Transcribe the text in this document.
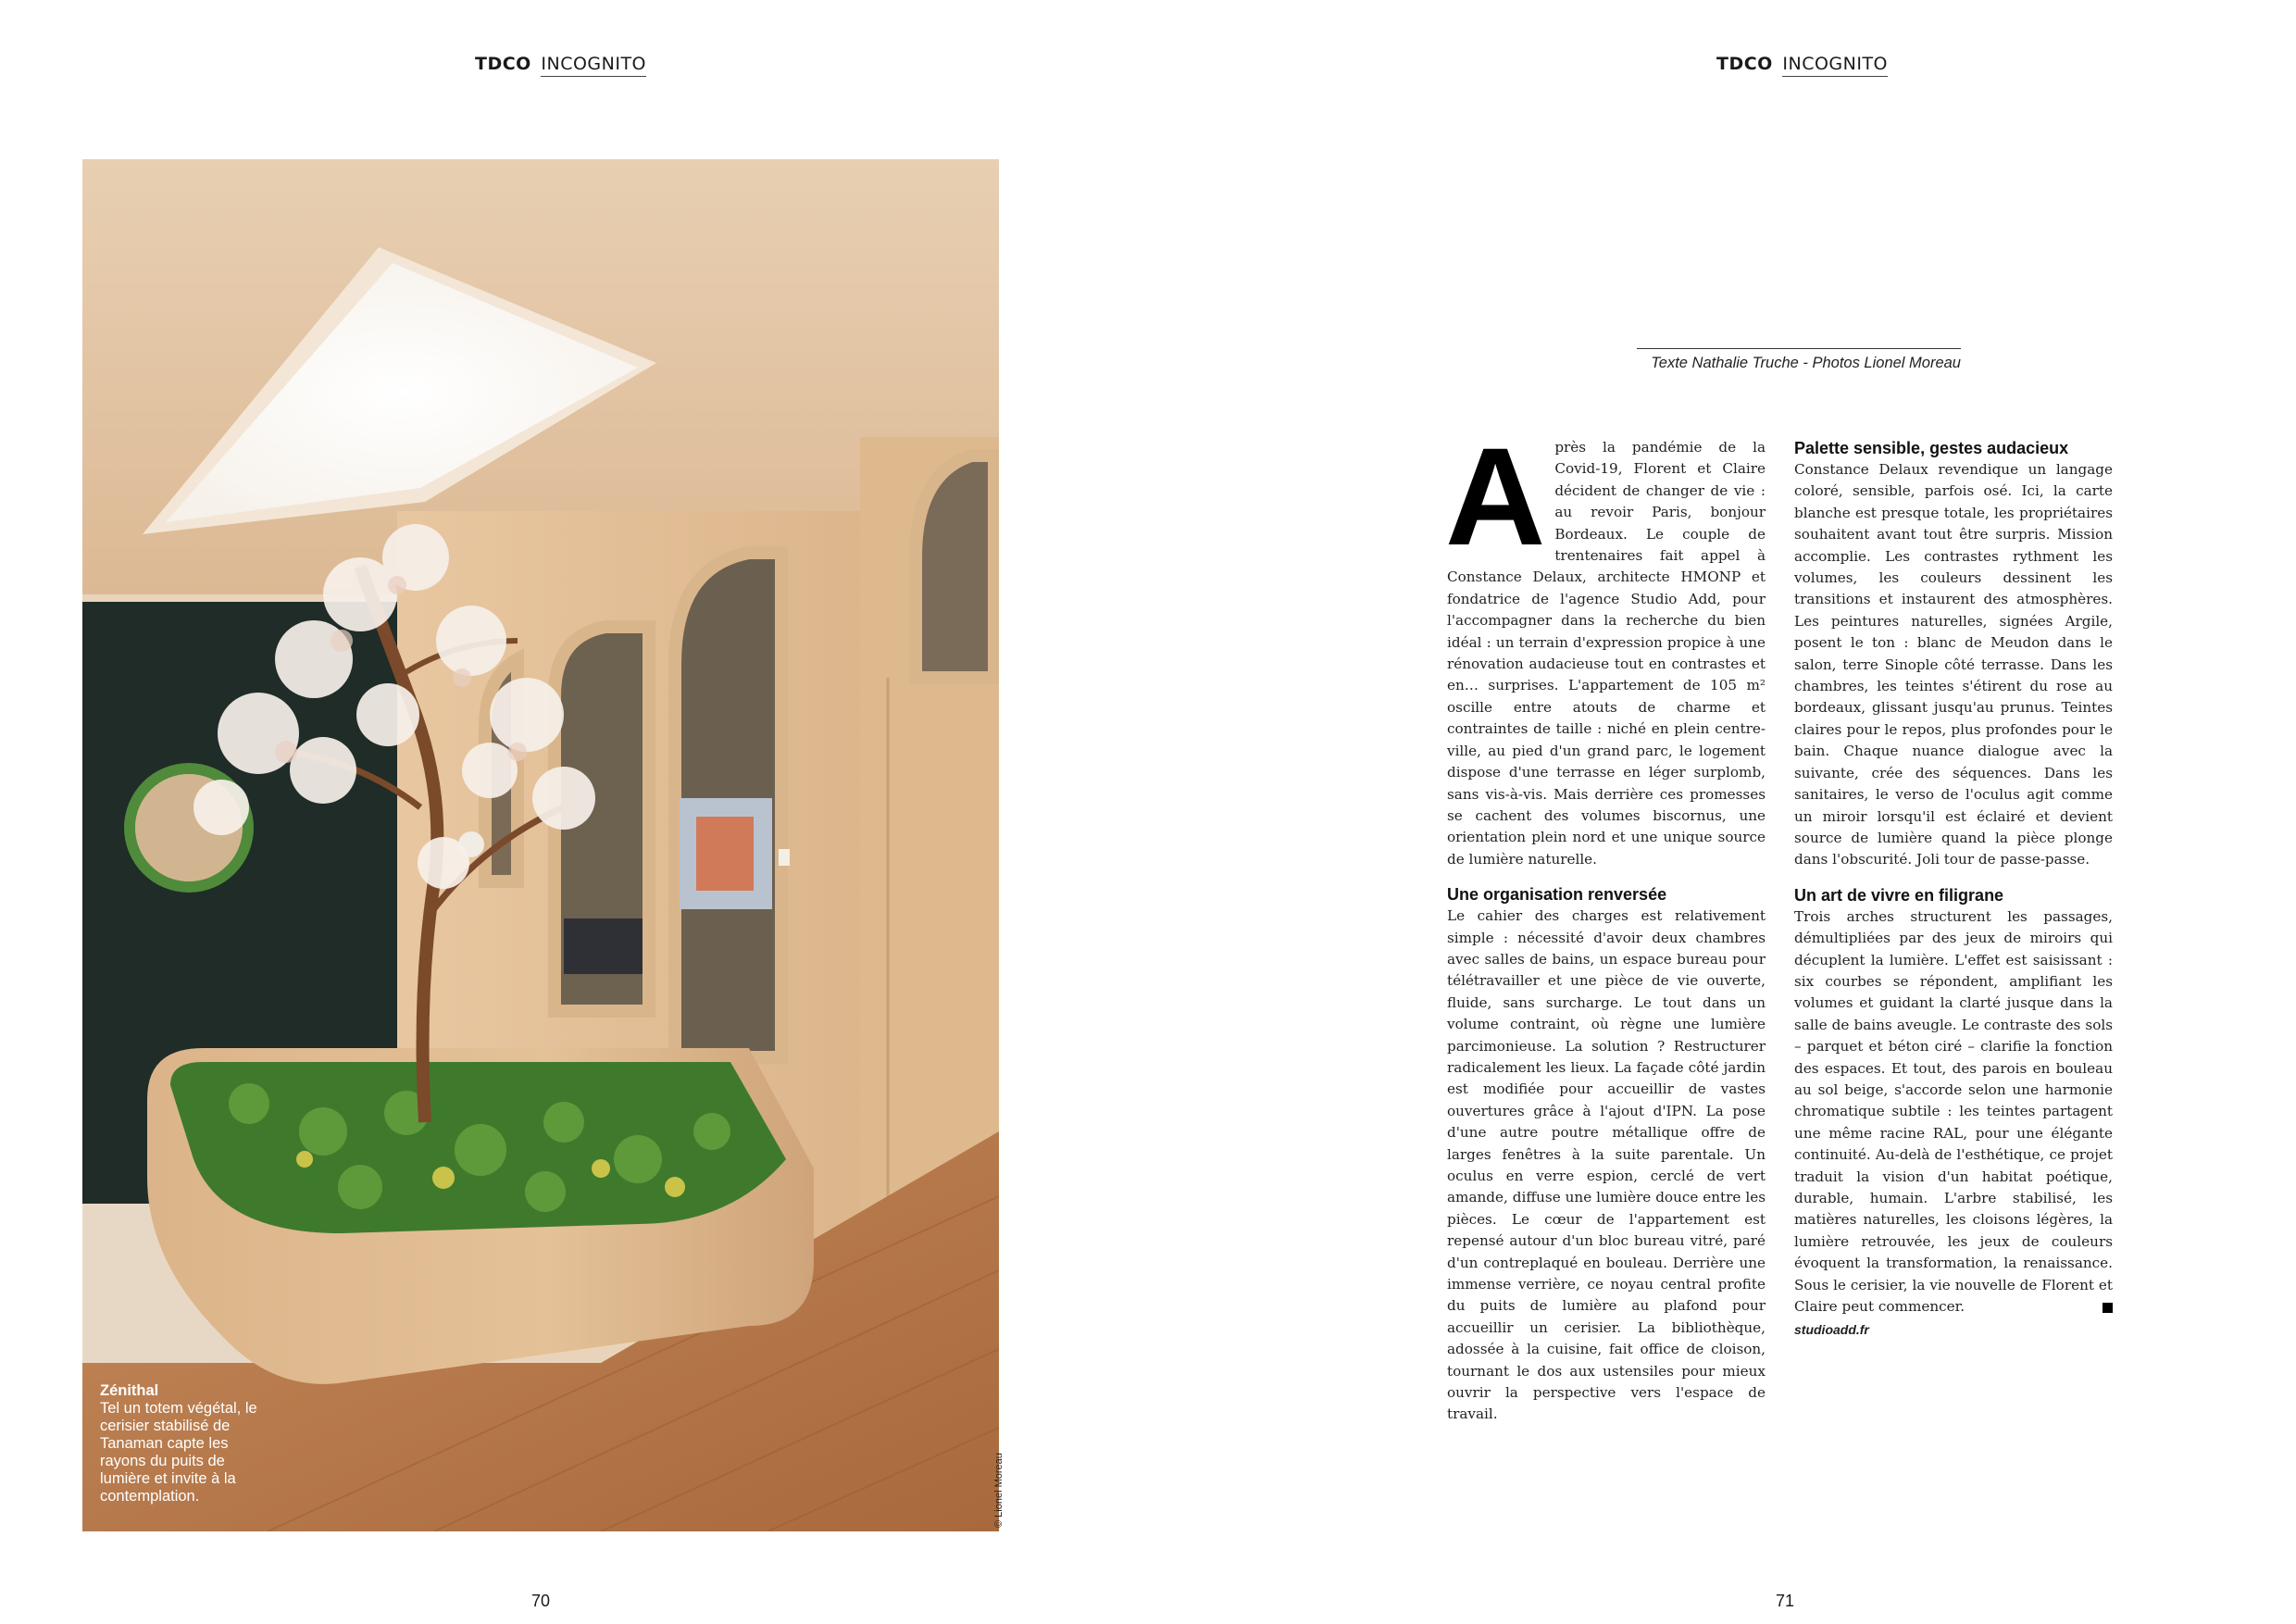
TDCO INCOGNITO
Zénithal
Tel un totem végétal, le cerisier stabilisé de Tanaman capte les rayons du puits de lumière et invite à la contemplation.	© Lionel Moreau
70
TDCO INCOGNITO
Texte Nathalie Truche - Photos Lionel Moreau

Après la pandémie de la Covid-19, Florent et Claire décident de changer de vie : au revoir Paris, bonjour Bordeaux. Le couple de trentenaires fait appel à Constance Delaux, architecte HMONP et fondatrice de l'agence Studio Add, pour l'accompagner dans la recherche du bien idéal : un terrain d'expression propice à une rénovation audacieuse tout en contrastes et en… surprises. L'appartement de 105 m² oscille entre atouts de charme et contraintes de taille : niché en plein centre-ville, au pied d'un grand parc, le logement dispose d'une terrasse en léger surplomb, sans vis-à-vis. Mais derrière ces promesses se cachent des volumes biscornus, une orientation plein nord et une unique source de lumière naturelle.

Une organisation renversée

Le cahier des charges est relativement simple : nécessité d'avoir deux chambres avec salles de bains, un espace bureau pour télétravailler et une pièce de vie ouverte, fluide, sans surcharge. Le tout dans un volume contraint, où règne une lumière parcimonieuse. La solution ? Restructurer radicalement les lieux. La façade côté jardin est modifiée pour accueillir de vastes ouvertures grâce à l'ajout d'IPN. La pose d'une autre poutre métallique offre de larges fenêtres à la suite parentale. Un oculus en verre espion, cerclé de vert amande, diffuse une lumière douce entre les pièces. Le cœur de l'appartement est repensé autour d'un bloc bureau vitré, paré d'un contreplaqué en bouleau. Derrière une immense verrière, ce noyau central profite du puits de lumière au plafond pour accueillir un cerisier. La bibliothèque, adossée à la cuisine, fait office de cloison, tournant le dos aux ustensiles pour mieux ouvrir la perspective vers l'espace de travail.

Palette sensible, gestes audacieux

Constance Delaux revendique un langage coloré, sensible, parfois osé. Ici, la carte blanche est presque totale, les propriétaires souhaitent avant tout être surpris. Mission accomplie. Les contrastes rythment les volumes, les couleurs dessinent les transitions et instaurent des atmosphères. Les peintures naturelles, signées Argile, posent le ton : blanc de Meudon dans le salon, terre Sinople côté terrasse. Dans les chambres, les teintes s'étirent du rose au bordeaux, glissant jusqu'au prunus. Teintes claires pour le repos, plus profondes pour le bain. Chaque nuance dialogue avec la suivante, crée des séquences. Dans les sanitaires, le verso de l'oculus agit comme un miroir lorsqu'il est éclairé et devient source de lumière quand la pièce plonge dans l'obscurité. Joli tour de passe-passe.

Un art de vivre en filigrane

Trois arches structurent les passages, démultipliées par des jeux de miroirs qui décuplent la lumière. L'effet est saisissant : six courbes se répondent, amplifiant les volumes et guidant la clarté jusque dans la salle de bains aveugle. Le contraste des sols – parquet et béton ciré – clarifie la fonction des espaces. Et tout, des parois en bouleau au sol beige, s'accorde selon une harmonie chromatique subtile : les teintes partagent une même racine RAL, pour une élégante continuité. Au-delà de l'esthétique, ce projet traduit la vision d'un habitat poétique, durable, humain. L'arbre stabilisé, les matières naturelles, les cloisons légères, la lumière retrouvée, les jeux de couleurs évoquent la transformation, la renaissance. Sous le cerisier, la vie nouvelle de Florent et Claire peut commencer.

studioadd.fr
71
